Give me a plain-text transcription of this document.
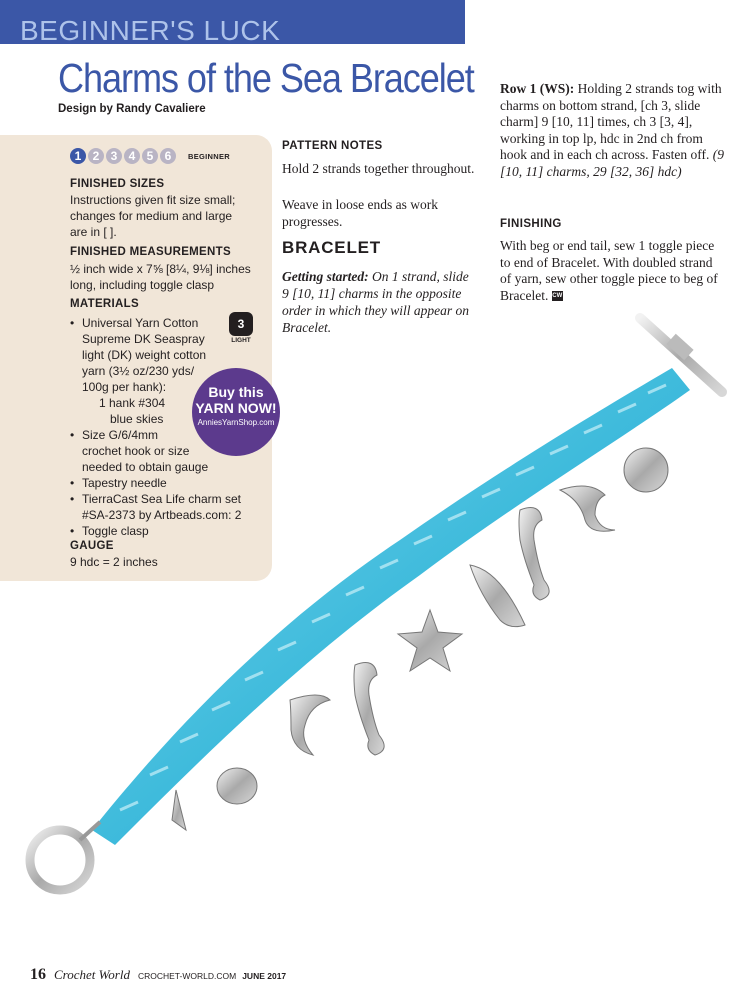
BEGINNER'S LUCK
Charms of the Sea Bracelet
Design by Randy Cavaliere
1 2 3 4 5 6	BEGINNER
FINISHED SIZES
Instructions given fit size small;
changes for medium and large
are in [ ].
FINISHED MEASUREMENTS
½ inch wide x 7⅝ [8¼, 9⅛] inches
long, including toggle clasp
MATERIALS
3
LIGHT
• Universal Yarn Cotton
Supreme DK Seaspray
light (DK) weight cotton
yarn (3½ oz/230 yds/
100g per hank):
1 hank #304
blue skies
• Size G/6/4mm
crochet hook or size
needed to obtain gauge
• Tapestry needle
• TierraCast Sea Life charm set
#SA-2373 by Artbeads.com: 2
• Toggle clasp
Buy this
YARN NOW!
AnniesYarnShop.com
GAUGE
9 hdc = 2 inches
PATTERN NOTES
Hold 2 strands together throughout.
Weave in loose ends as work progresses.
BRACELET
Getting started: On 1 strand, slide 9 [10, 11] charms in the opposite order in which they will appear on Bracelet.
Row 1 (WS): Holding 2 strands tog with charms on bottom strand, [ch 3, slide charm] 9 [10, 11] times, ch 3 [3, 4], working in top lp, hdc in 2nd ch from hook and in each ch across. Fasten off. (9 [10, 11] charms, 29 [32, 36] hdc)
FINISHING
With beg or end tail, sew 1 toggle piece to end of Bracelet. With doubled strand of yarn, sew other toggle piece to beg of Bracelet. CW
16 Crochet World CROCHET-WORLD.COM JUNE 2017
